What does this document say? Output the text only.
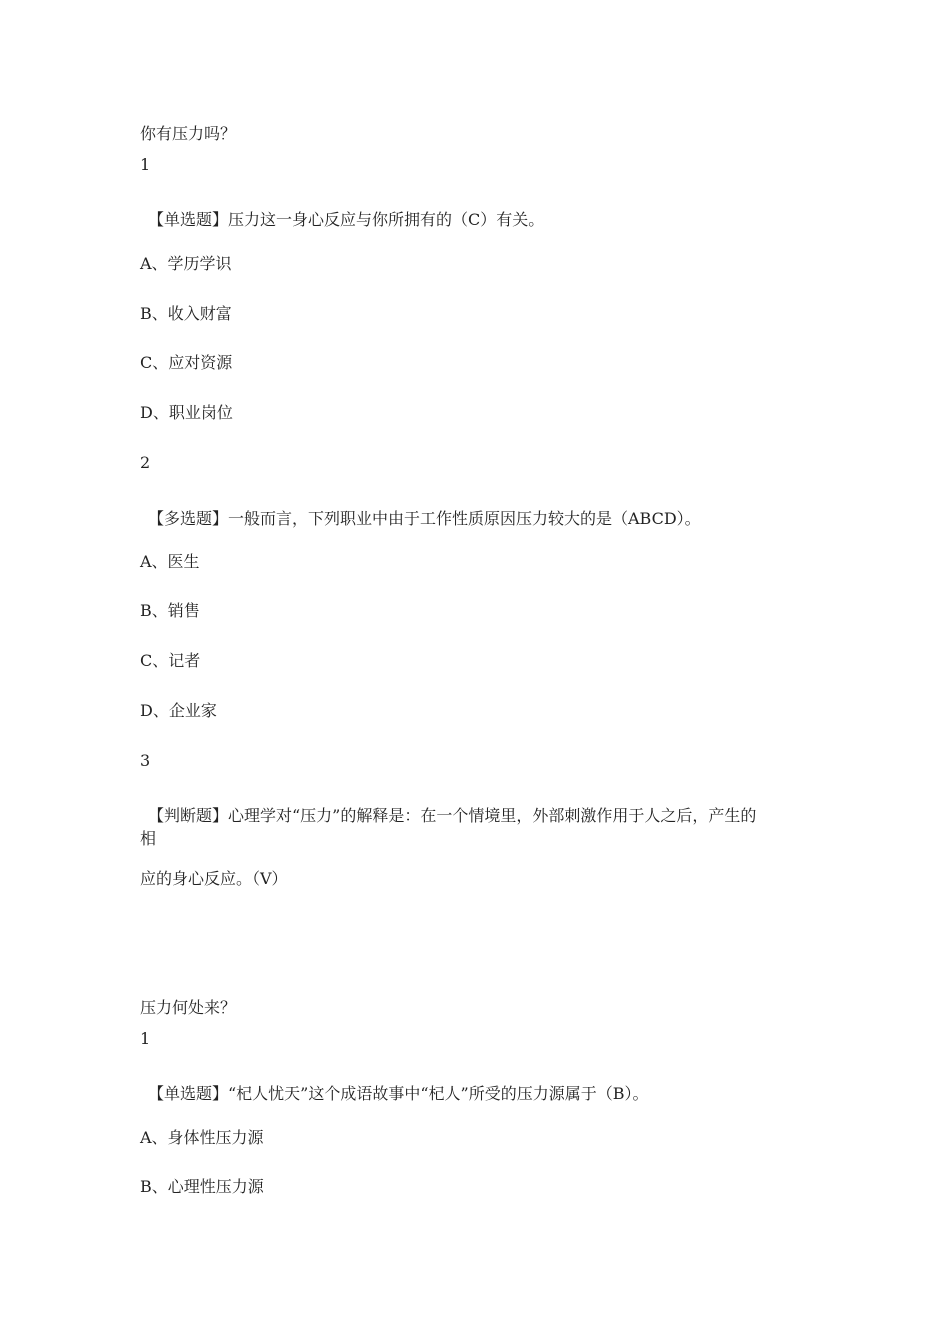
你有压力吗？
1
【单选题】压力这一身心反应与你所拥有的（C）有关。
A、学历学识
B、收入财富
C、应对资源
D、职业岗位
2
【多选题】一般而言，下列职业中由于工作性质原因压力较大的是（ABCD）。
A、医生
B、销售
C、记者
D、企业家
3
【判断题】心理学对“压力”的解释是：在一个情境里，外部刺激作用于人之后，产生的
相
应的身心反应。（V）
压力何处来？
1
【单选题】“杞人忧天”这个成语故事中“杞人”所受的压力源属于（B）。
A、身体性压力源
B、心理性压力源
